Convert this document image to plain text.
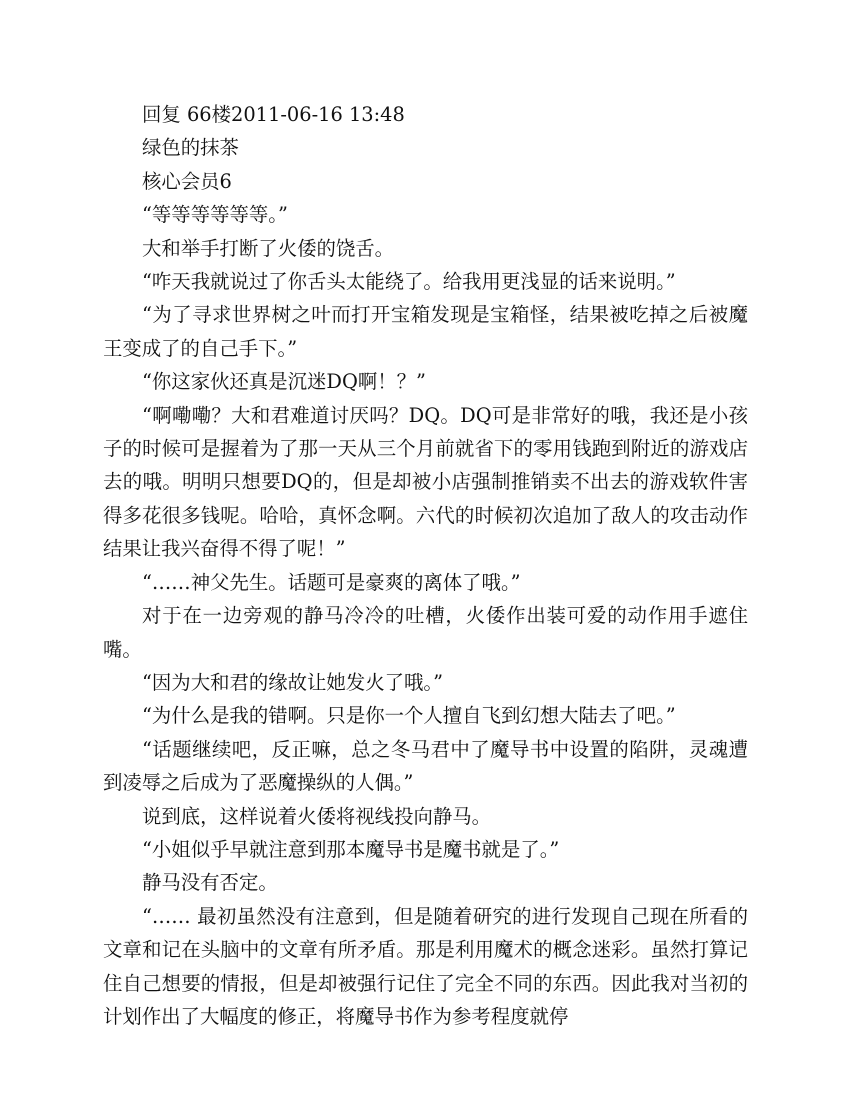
回复 66楼2011-06-16 13:48

绿色的抹茶

核心会员6

“等等等等等等。”

大和举手打断了火倭的饶舌。

“咋天我就说过了你舌头太能绕了。给我用更浅显的话来说明。”

“为了寻求世界树之叶而打开宝箱发现是宝箱怪，结果被吃掉之后被魔王变成了的自己手下。”

“你这家伙还真是沉迷DQ啊！？”

“啊嘞嘞？大和君难道讨厌吗？DQ。DQ可是非常好的哦，我还是小孩子的时候可是握着为了那一天从三个月前就省下的零用钱跑到附近的游戏店去的哦。明明只想要DQ的，但是却被小店强制推销卖不出去的游戏软件害得多花很多钱呢。哈哈，真怀念啊。六代的时候初次追加了敌人的攻击动作结果让我兴奋得不得了呢！”

“……神父先生。话题可是豪爽的离体了哦。”

对于在一边旁观的静马冷冷的吐槽，火倭作出装可爱的动作用手遮住嘴。

“因为大和君的缘故让她发火了哦。”

“为什么是我的错啊。只是你一个人擅自飞到幻想大陆去了吧。”

“话题继续吧，反正嘛，总之冬马君中了魔导书中设置的陷阱，灵魂遭到凌辱之后成为了恶魔操纵的人偶。”

说到底，这样说着火倭将视线投向静马。

“小姐似乎早就注意到那本魔导书是魔书就是了。”

静马没有否定。

“…… 最初虽然没有注意到，但是随着研究的进行发现自己现在所看的文章和记在头脑中的文章有所矛盾。那是利用魔术的概念迷彩。虽然打算记住自己想要的情报，但是却被强行记住了完全不同的东西。因此我对当初的计划作出了大幅度的修正，将魔导书作为参考程度就停
